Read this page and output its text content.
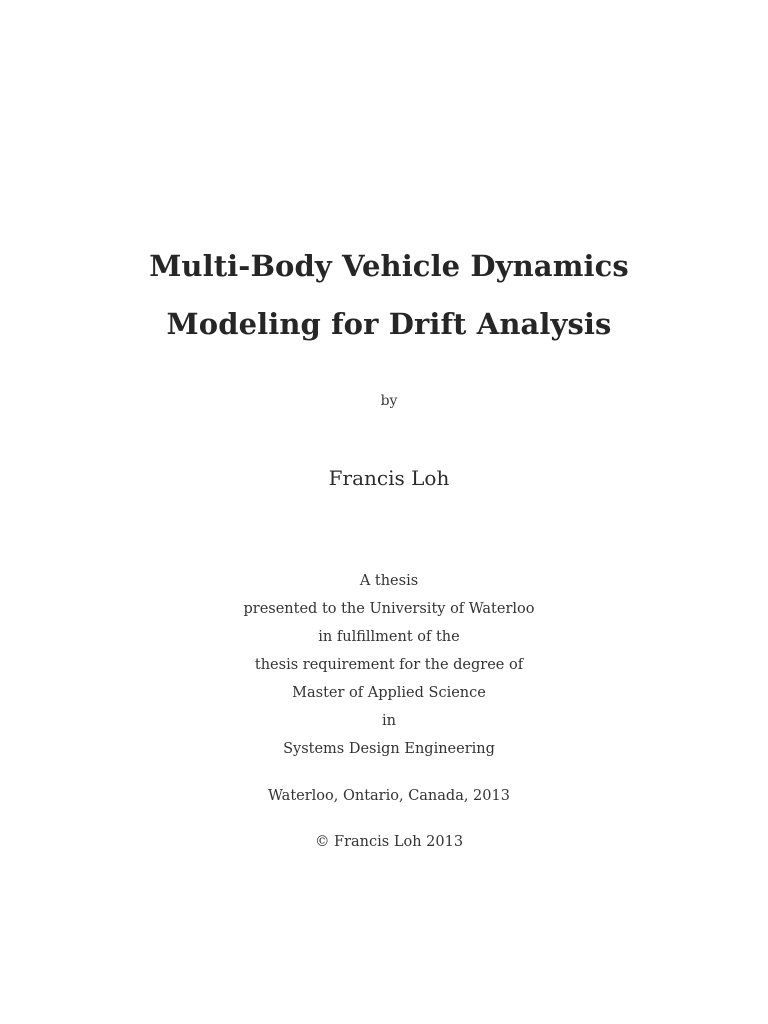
Multi-Body Vehicle Dynamics

Modeling for Drift Analysis

by

Francis Loh

A thesis

presented to the University of Waterloo

in fulfillment of the

thesis requirement for the degree of

Master of Applied Science

in

Systems Design Engineering

Waterloo, Ontario, Canada, 2013

© Francis Loh 2013
